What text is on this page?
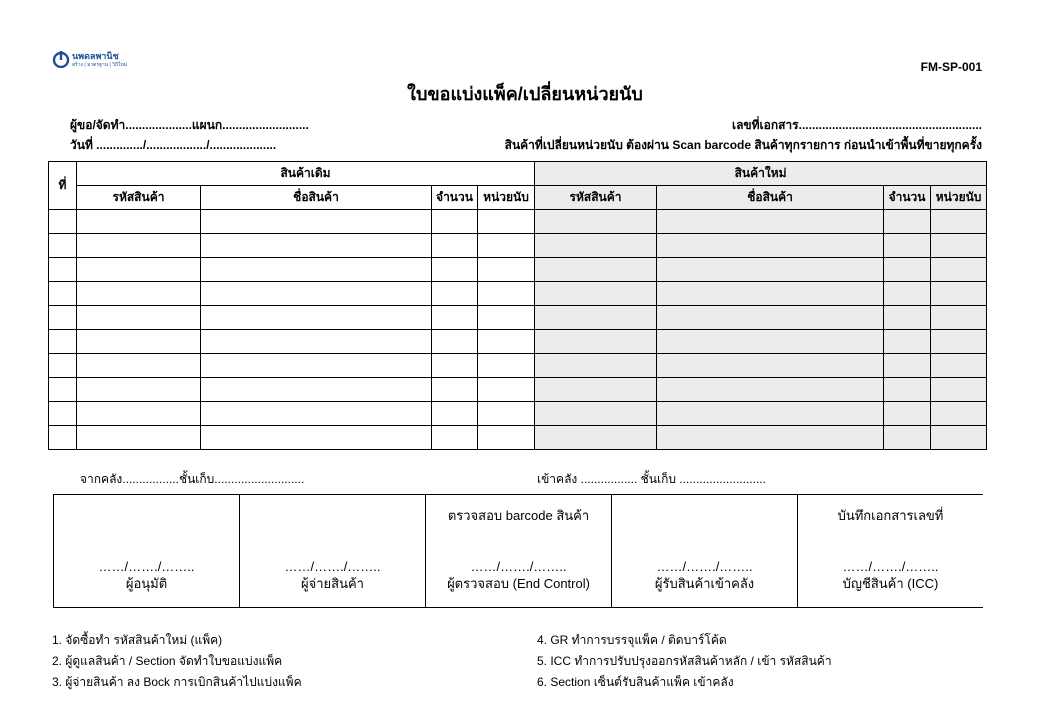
นพดลพานิช
สร้าง | มาตรฐาน | วิถีใหม่	FM-SP-001
ใบขอแบ่งแพ็ค/เปลี่ยนหน่วยนับ
ผู้ขอ/จัดทำ....................แผนก..........................	เลขที่เอกสาร.......................................................
วันที่ ............../................../....................	สินค้าที่เปลี่ยนหน่วยนับ ต้องผ่าน Scan barcode สินค้าทุกรายการ ก่อนนำเข้าพื้นที่ขายทุกครั้ง
ที่	สินค้าเดิม				สินค้าใหม่			
	รหัสสินค้า	ชื่อสินค้า	จำนวน	หน่วยนับ	รหัสสินค้า	ชื่อสินค้า	จำนวน	หน่วยนับ

จากคลัง.................ชั้นเก็บ...........................	เข้าคลัง ................. ชั้นเก็บ ..........................
……/……./……..
ผู้อนุมัติ
……/……./……..
ผู้จ่ายสินค้า
ตรวจสอบ barcode สินค้า
……/……./……..
ผู้ตรวจสอบ (End Control)
……/……./……..
ผู้รับสินค้าเข้าคลัง
บันทึกเอกสารเลขที่
……/……./……..
บัญชีสินค้า (ICC)
1. จัดซื้อทำ รหัสสินค้าใหม่ (แพ็ค)
2. ผู้ดูแลสินค้า / Section จัดทำใบขอแบ่งแพ็ค
3. ผู้จ่ายสินค้า ลง Bock การเบิกสินค้าไปแบ่งแพ็ค
4. GR ทำการบรรจุแพ็ค / ติดบาร์โค้ด
5. ICC ทำการปรับปรุงออกรหัสสินค้าหลัก / เข้า รหัสสินค้า
6. Section เซ็นต์รับสินค้าแพ็ค เข้าคลัง
